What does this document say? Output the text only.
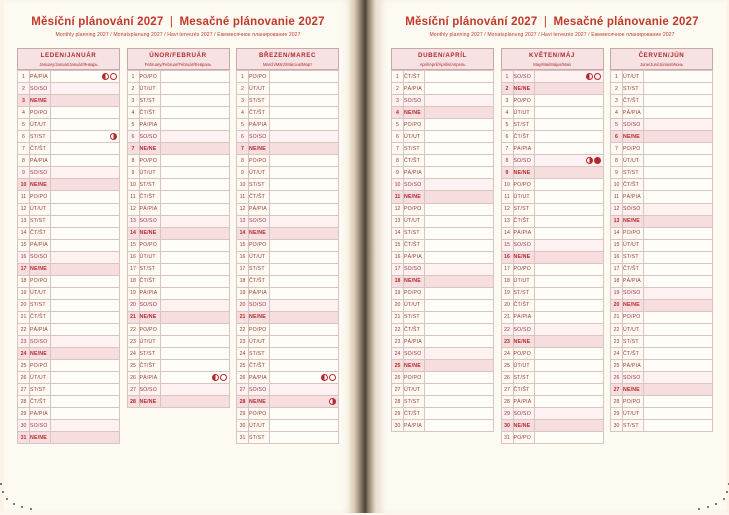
Měsíční plánování 2027 | Mesačné plánovanie 2027
Monthly planning 2027 / Monatsplanung 2027 / Havi tervezés 2027 / Ежемесячное планирование 2027
LEDEN/JANUÁR
January/Januar/Január/Январь
1	PÁ/PIA	

2	SO/SO	
3	NE/NE	
4	PO/PO	
5	ÚT/UT	
6	ST/ST	

7	ČT/ŠT	
8	PÁ/PIA	
9	SO/SO	
10	NE/NE	
11	PO/PO	
12	ÚT/UT	
13	ST/ST	
14	ČT/ŠT	
15	PÁ/PIA	
16	SO/SO	
17	NE/NE	
18	PO/PO	
19	ÚT/UT	
20	ST/ST	
21	ČT/ŠT	
22	PÁ/PIA	
23	SO/SO	
24	NE/NE	
25	PO/PO	
26	ÚT/UT	
27	ST/ST	
28	ČT/ŠT	
29	PÁ/PIA	
30	SO/SO	
31	NE/NE	
ÚNOR/FEBRUÁR
February/Februar/Február/Февраль
1	PO/PO	
2	ÚT/UT	
3	ST/ST	
4	ČT/ŠT	
5	PÁ/PIA	
6	SO/SO	
7	NE/NE	
8	PO/PO	
9	ÚT/UT	
10	ST/ST	
11	ČT/ŠT	
12	PÁ/PIA	
13	SO/SO	
14	NE/NE	
15	PO/PO	
16	ÚT/UT	
17	ST/ST	
18	ČT/ŠT	
19	PÁ/PIA	
20	SO/SO	
21	NE/NE	
22	PO/PO	
23	ÚT/UT	
24	ST/ST	
25	ČT/ŠT	
26	PÁ/PIA	

27	SO/SO	
28	NE/NE	
BŘEZEN/MAREC
March/März/Március/Март
1	PO/PO	
2	ÚT/UT	
3	ST/ST	
4	ČT/ŠT	
5	PÁ/PIA	
6	SO/SO	
7	NE/NE	
8	PO/PO	
9	ÚT/UT	
10	ST/ST	
11	ČT/ŠT	
12	PÁ/PIA	
13	SO/SO	
14	NE/NE	
15	PO/PO	
16	ÚT/UT	
17	ST/ST	
18	ČT/ŠT	
19	PÁ/PIA	
20	SO/SO	
21	NE/NE	
22	PO/PO	
23	ÚT/UT	
24	ST/ST	
25	ČT/ŠT	
26	PÁ/PIA	

27	SO/SO	
28	NE/NE	

29	PO/PO	
30	ÚT/UT	
31	ST/ST	
Měsíční plánování 2027 | Mesačné plánovanie 2027
Monthly planning 2027 / Monatsplanung 2027 / Havi tervezés 2027 / Ежемесячное планирование 2027
DUBEN/APRÍL
April/April/Április/Апрель
1	ČT/ŠT	
2	PÁ/PIA	
3	SO/SO	
4	NE/NE	
5	PO/PO	
6	ÚT/UT	
7	ST/ST	
8	ČT/ŠT	
9	PÁ/PIA	
10	SO/SO	
11	NE/NE	
12	PO/PO	
13	ÚT/UT	
14	ST/ST	
15	ČT/ŠT	
16	PÁ/PIA	
17	SO/SO	
18	NE/NE	
19	PO/PO	
20	ÚT/UT	
21	ST/ST	
22	ČT/ŠT	
23	PÁ/PIA	
24	SO/SO	
25	NE/NE	
26	PO/PO	
27	ÚT/UT	
28	ST/ST	
29	ČT/ŠT	
30	PÁ/PIA	
KVĚTEN/MÁJ
May/Mai/Május/Май
1	SO/SO	

2	NE/NE	
3	PO/PO	
4	ÚT/UT	
5	ST/ST	
6	ČT/ŠT	
7	PÁ/PIA	
8	SO/SO	

9	NE/NE	
10	PO/PO	
11	ÚT/UT	
12	ST/ST	
13	ČT/ŠT	
14	PÁ/PIA	
15	SO/SO	
16	NE/NE	
17	PO/PO	
18	ÚT/UT	
19	ST/ST	
20	ČT/ŠT	
21	PÁ/PIA	
22	SO/SO	
23	NE/NE	
24	PO/PO	
25	ÚT/UT	
26	ST/ST	
27	ČT/ŠT	
28	PÁ/PIA	
29	SO/SO	
30	NE/NE	
31	PO/PO	
ČERVEN/JÚN
June/Juni/Június/Июнь
1	ÚT/UT	
2	ST/ST	
3	ČT/ŠT	
4	PÁ/PIA	
5	SO/SO	
6	NE/NE	
7	PO/PO	
8	ÚT/UT	
9	ST/ST	
10	ČT/ŠT	
11	PÁ/PIA	
12	SO/SO	
13	NE/NE	
14	PO/PO	
15	ÚT/UT	
16	ST/ST	
17	ČT/ŠT	
18	PÁ/PIA	
19	SO/SO	
20	NE/NE	
21	PO/PO	
22	ÚT/UT	
23	ST/ST	
24	ČT/ŠT	
25	PÁ/PIA	
26	SO/SO	
27	NE/NE	
28	PO/PO	
29	ÚT/UT	
30	ST/ST	
